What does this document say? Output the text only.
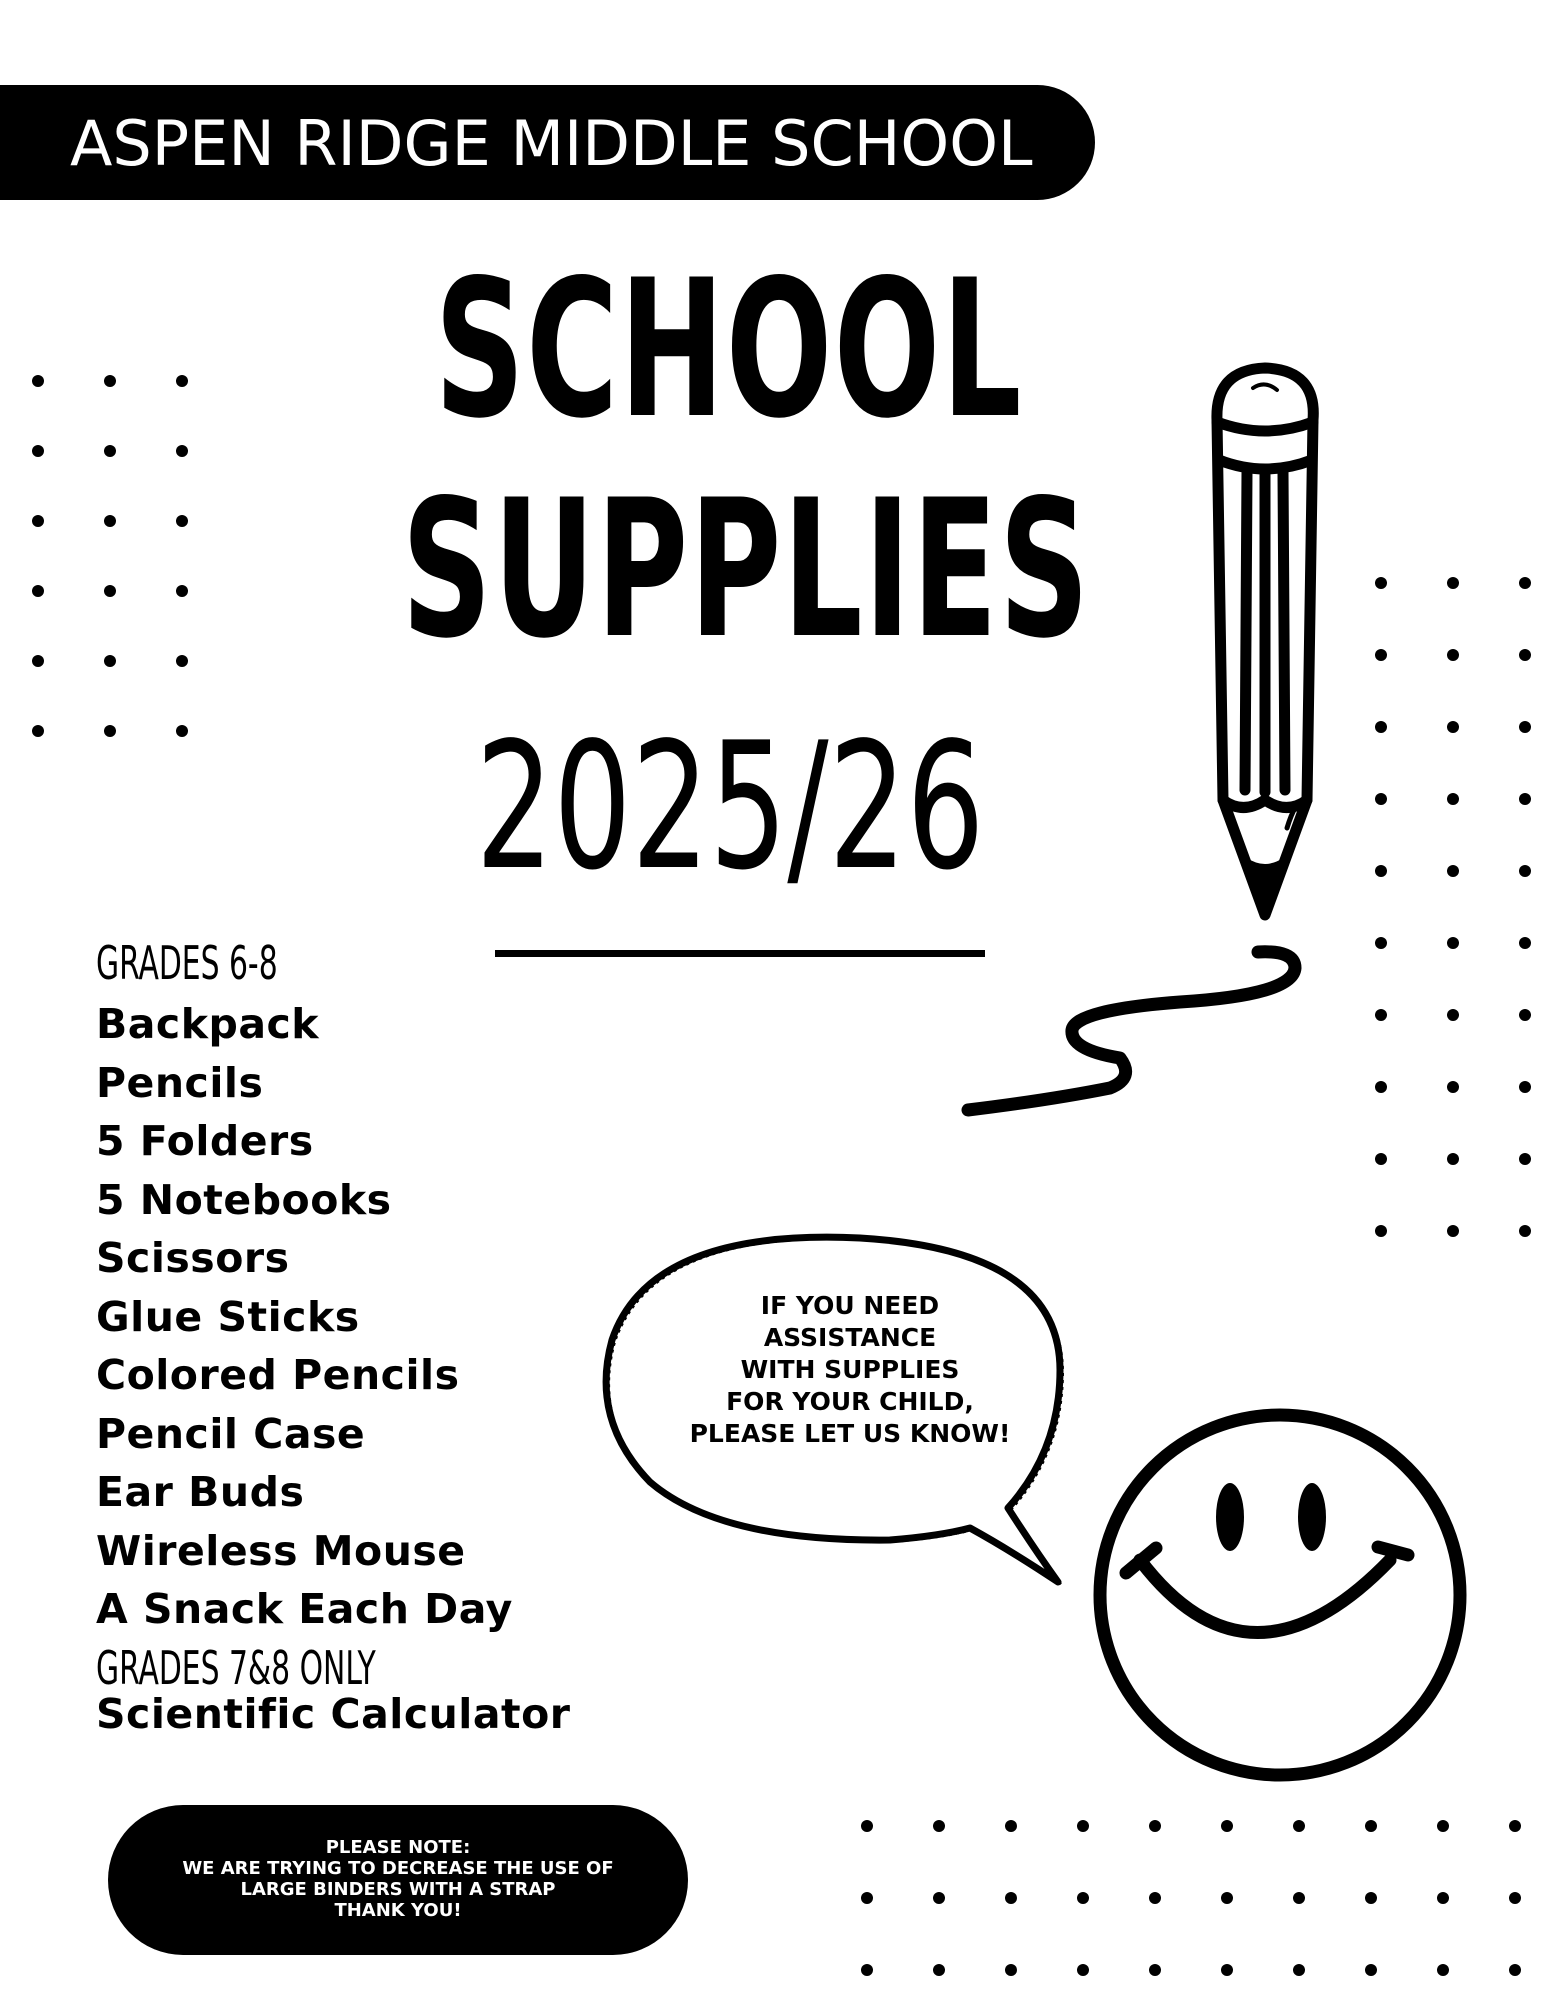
ASPEN RIDGE MIDDLE SCHOOL
SCHOOL
SUPPLIES
2025/26
IF YOU NEED
ASSISTANCE
WITH SUPPLIES
FOR YOUR CHILD,
PLEASE LET US KNOW!
GRADES 6-8
Backpack
Pencils
5 Folders
5 Notebooks
Scissors
Glue Sticks
Colored Pencils
Pencil Case
Ear Buds
Wireless Mouse
A Snack Each Day
GRADES 7&8 ONLY
Scientific Calculator
PLEASE NOTE:
WE ARE TRYING TO DECREASE THE USE OF
LARGE BINDERS WITH A STRAP
THANK YOU!
